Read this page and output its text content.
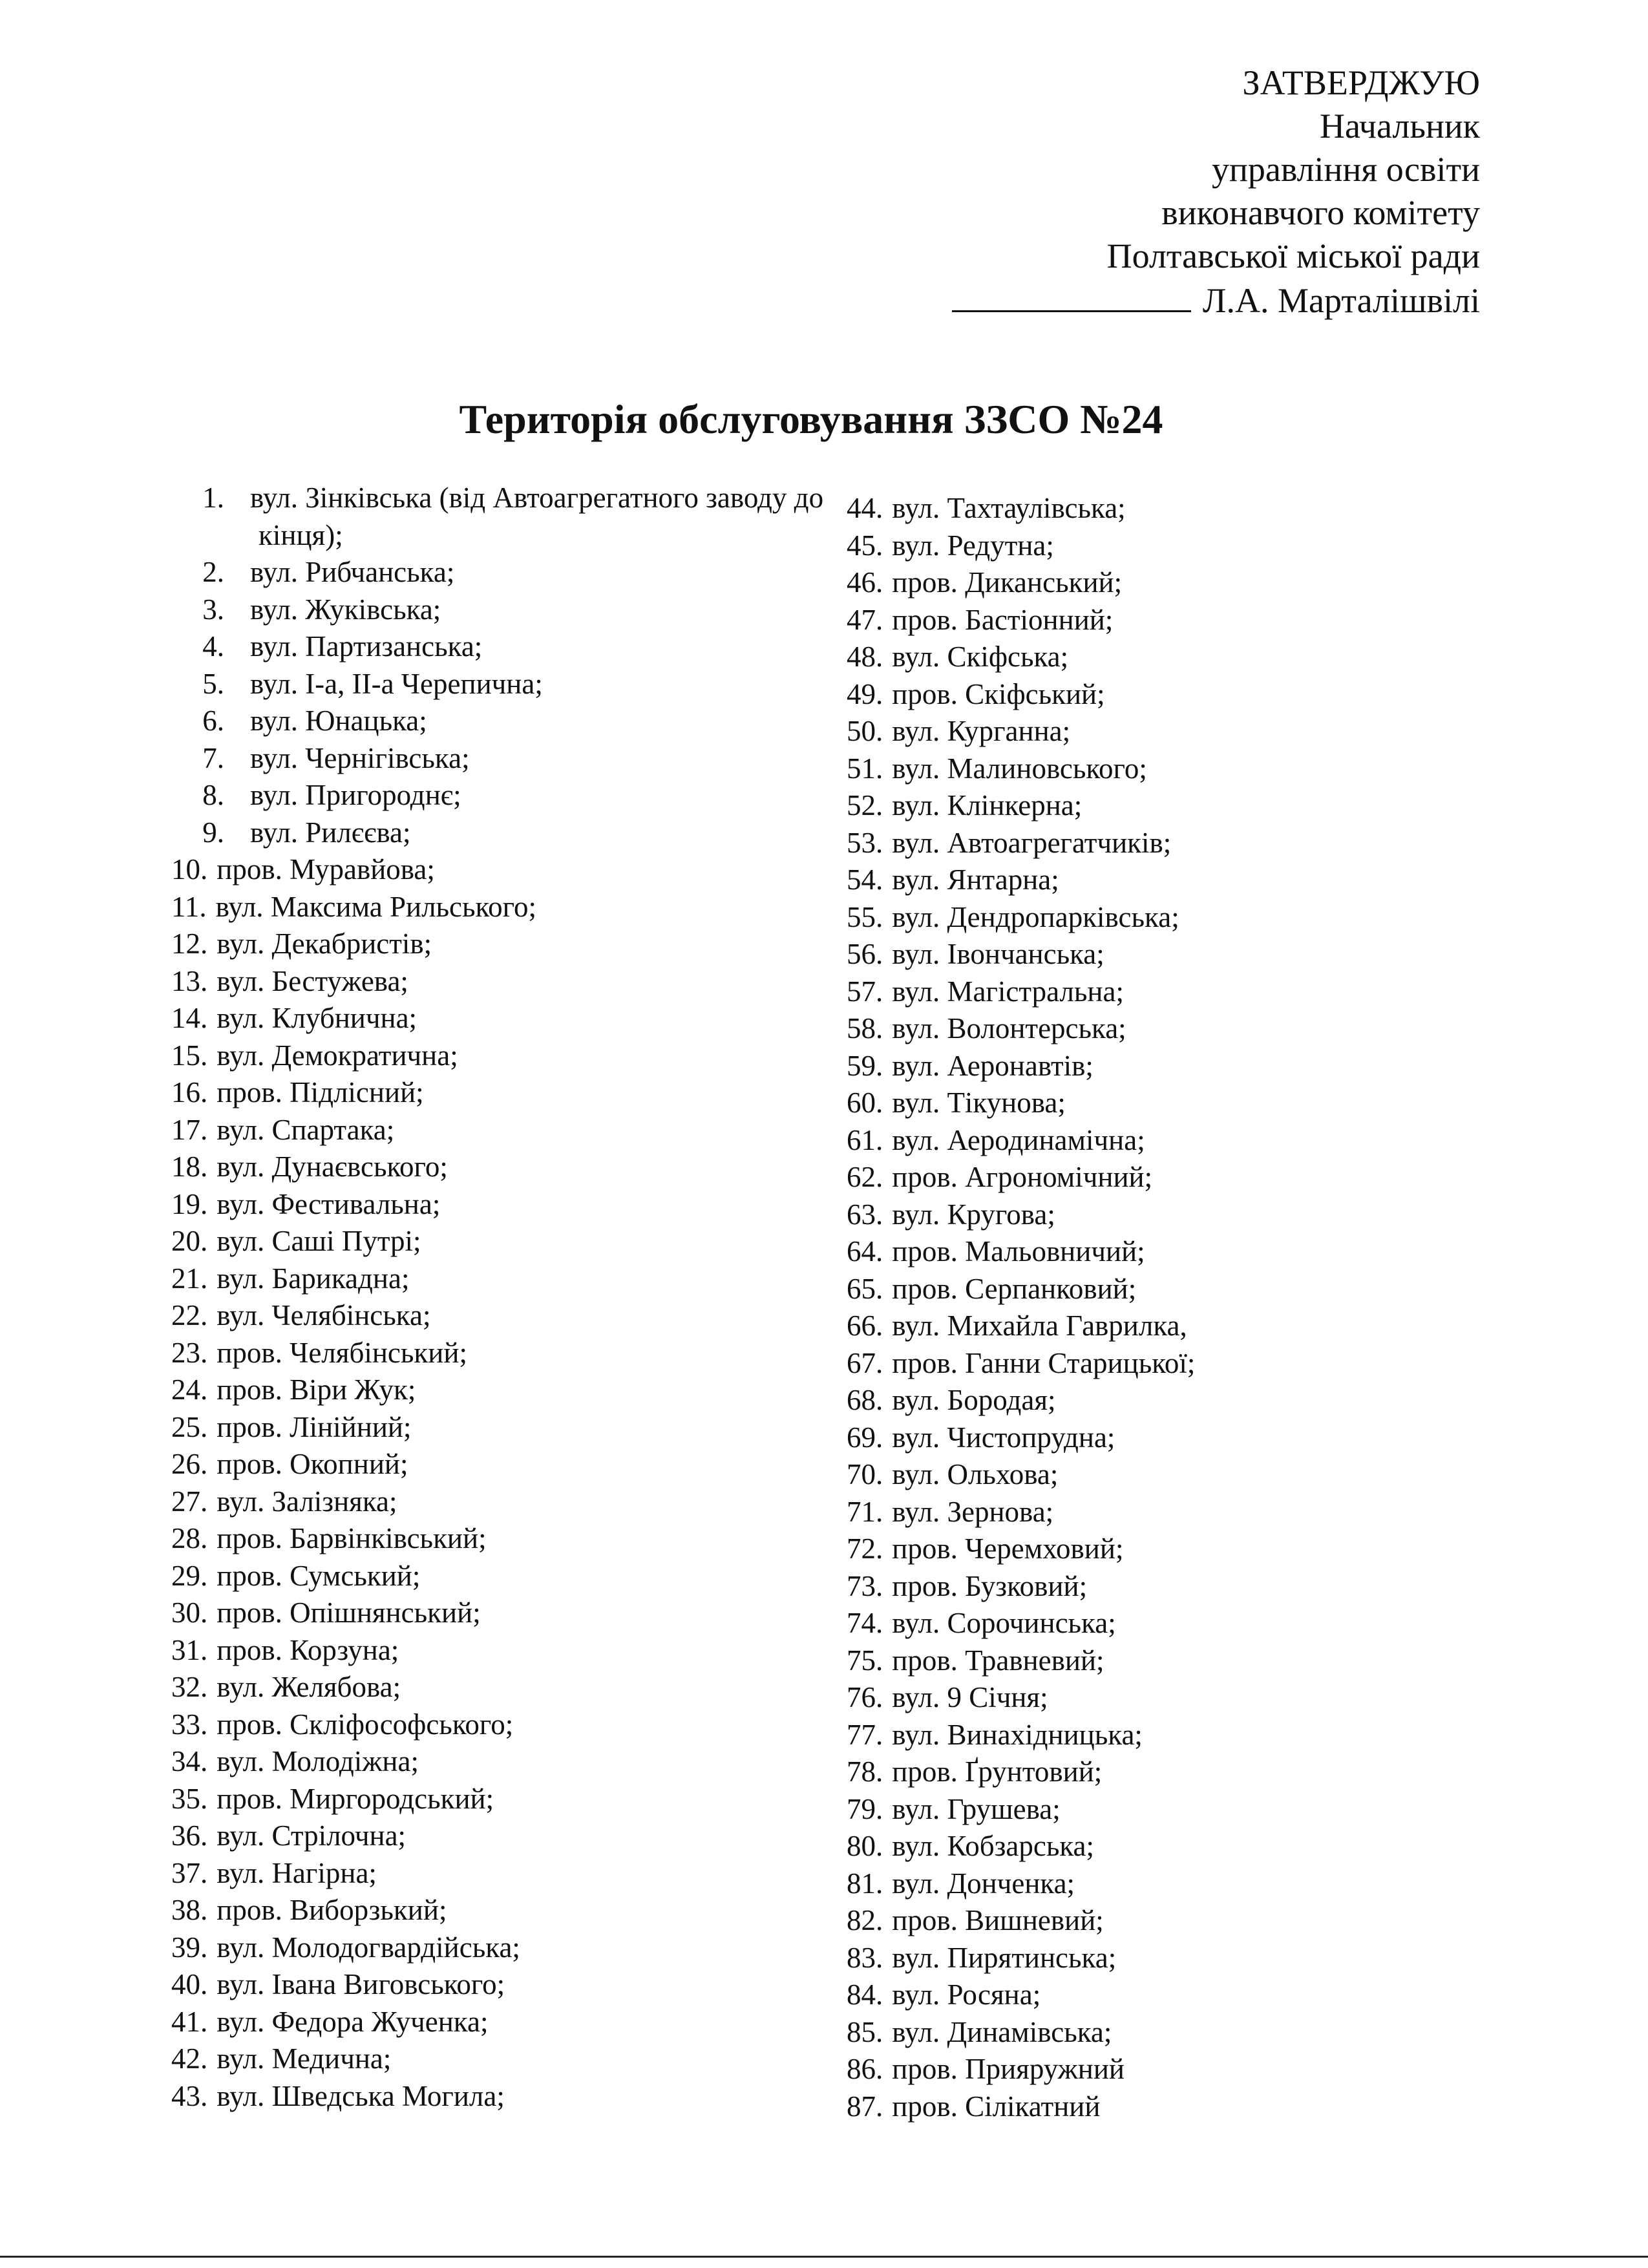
ЗАТВЕРДЖУЮ
Начальник
управління освіти
виконавчого комітету
Полтавської міської ради
Л.А. Марталішвілі
Територія обслуговування ЗЗСО №24
1. вул. Зінківська (від Автоагрегатного заводу до кінця);
2. вул. Рибчанська;
3. вул. Жуківська;
4. вул. Партизанська;
5. вул. І-а, ІІ-а Черепична;
6. вул. Юнацька;
7. вул. Чернігівська;
8. вул. Пригороднє;
9. вул. Рилєєва;
10. пров. Муравйова;
11. вул. Максима Рильського;
12. вул. Декабристів;
13. вул. Бестужева;
14. вул. Клубнична;
15. вул. Демократична;
16. пров. Підлісний;
17. вул. Спартака;
18. вул. Дунаєвського;
19. вул. Фестивальна;
20. вул. Саші Путрі;
21. вул. Барикадна;
22. вул. Челябінська;
23. пров. Челябінський;
24. пров. Віри Жук;
25. пров. Лінійний;
26. пров. Окопний;
27. вул. Залізняка;
28. пров. Барвінківський;
29. пров. Сумський;
30. пров. Опішнянський;
31. пров. Корзуна;
32. вул. Желябова;
33. пров. Скліфософського;
34. вул. Молодіжна;
35. пров. Миргородський;
36. вул. Стрілочна;
37. вул. Нагірна;
38. пров. Виборзький;
39. вул. Молодогвардійська;
40. вул. Івана Виговського;
41. вул. Федора Жученка;
42. вул. Медична;
43. вул. Шведська Могила;
44. вул. Тахтаулівська;
45. вул. Редутна;
46. пров. Диканський;
47. пров. Бастіонний;
48. вул. Скіфська;
49. пров. Скіфський;
50. вул. Курганна;
51. вул. Малиновського;
52. вул. Клінкерна;
53. вул. Автоагрегатчиків;
54. вул. Янтарна;
55. вул. Дендропарківська;
56. вул. Івончанська;
57. вул. Магістральна;
58. вул. Волонтерська;
59. вул. Аеронавтів;
60. вул. Тікунова;
61. вул. Аеродинамічна;
62. пров. Агрономічний;
63. вул. Кругова;
64. пров. Мальовничий;
65. пров. Серпанковий;
66. вул. Михайла Гаврилка,
67. пров. Ганни Старицької;
68. вул. Бородая;
69. вул. Чистопрудна;
70. вул. Ольхова;
71. вул. Зернова;
72. пров. Черемховий;
73. пров. Бузковий;
74. вул. Сорочинська;
75. пров. Травневий;
76. вул. 9 Січня;
77. вул. Винахідницька;
78. пров. Ґрунтовий;
79. вул. Грушева;
80. вул. Кобзарська;
81. вул. Донченка;
82. пров. Вишневий;
83. вул. Пирятинська;
84. вул. Росяна;
85. вул. Динамівська;
86. пров. Прияружний
87. пров. Сілікатний
